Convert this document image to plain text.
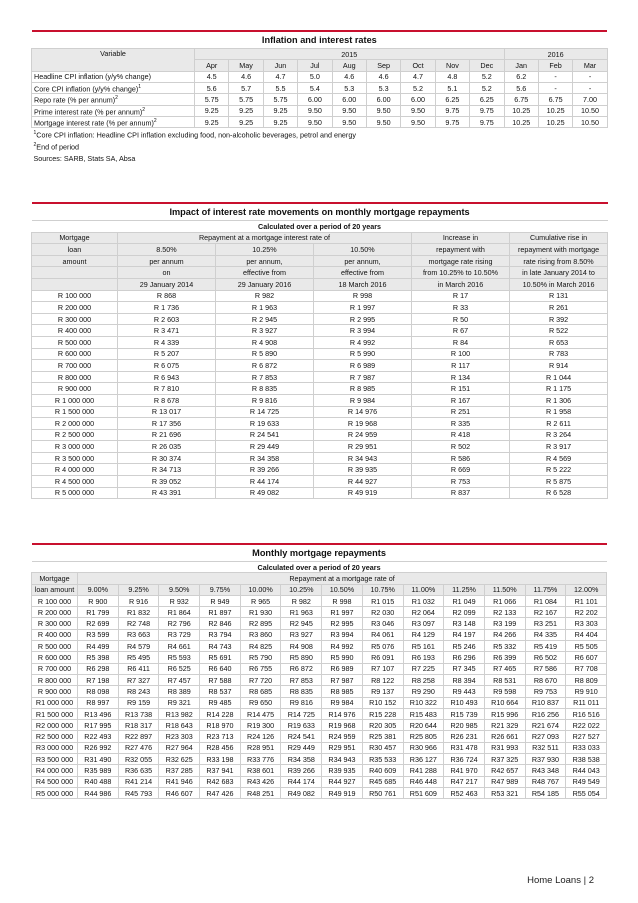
Inflation and interest rates												
Variable	2015									2016		
	Apr	May	Jun	Jul	Aug	Sep	Oct	Nov	Dec	Jan	Feb	Mar
Headline CPI inflation (y/y% change)	4.5	4.6	4.7	5.0	4.6	4.6	4.7	4.8	5.2	6.2	-	-
Core CPI inflation (y/y% change)$^1$	5.6	5.7	5.5	5.4	5.3	5.3	5.2	5.1	5.2	5.6	-	-
Repo rate (% per annum)$^2$	5.75	5.75	5.75	6.00	6.00	6.00	6.00	6.25	6.25	6.75	6.75	7.00
Prime interest rate (% per annum)$^2$	9.25	9.25	9.25	9.50	9.50	9.50	9.50	9.75	9.75	10.25	10.25	10.50
Mortgage interest rate (% per annum)$^2$	9.25	9.25	9.25	9.50	9.50	9.50	9.50	9.75	9.75	10.25	10.25	10.50
$^1$Core CPI inflation: Headline CPI inflation excluding food, non-alcoholic beverages, petrol and energy												
$^2$End of period												
Sources: SARB, Stats SA, Absa												
Impact of interest rate movements on monthly mortgage repayments					
Calculated over a period of 20 years					
Mortgage	Repayment at a mortgage interest rate of			Increase in	Cumulative rise in
loan	8.50%	10.25%	10.50%	repayment with	repayment with mortgage
amount	per annum	per annum,	per annum,	mortgage rate rising	rate rising from 8.50%
	on	effective from	effective from	from 10.25% to 10.50%	in late January 2014 to
	29 January 2014	29 January 2016	18 March 2016	in March 2016	10.50% in March 2016
R 100 000	R 868	R 982	R 998	R 17	R 131
R 200 000	R 1 736	R 1 963	R 1 997	R 33	R 261
R 300 000	R 2 603	R 2 945	R 2 995	R 50	R 392
R 400 000	R 3 471	R 3 927	R 3 994	R 67	R 522
R 500 000	R 4 339	R 4 908	R 4 992	R 84	R 653
R 600 000	R 5 207	R 5 890	R 5 990	R 100	R 783
R 700 000	R 6 075	R 6 872	R 6 989	R 117	R 914
R 800 000	R 6 943	R 7 853	R 7 987	R 134	R 1 044
R 900 000	R 7 810	R 8 835	R 8 985	R 151	R 1 175
R 1 000 000	R 8 678	R 9 816	R 9 984	R 167	R 1 306
R 1 500 000	R 13 017	R 14 725	R 14 976	R 251	R 1 958
R 2 000 000	R 17 356	R 19 633	R 19 968	R 335	R 2 611
R 2 500 000	R 21 696	R 24 541	R 24 959	R 418	R 3 264
R 3 000 000	R 26 035	R 29 449	R 29 951	R 502	R 3 917
R 3 500 000	R 30 374	R 34 358	R 34 943	R 586	R 4 569
R 4 000 000	R 34 713	R 39 266	R 39 935	R 669	R 5 222
R 4 500 000	R 39 052	R 44 174	R 44 927	R 753	R 5 875
R 5 000 000	R 43 391	R 49 082	R 49 919	R 837	R 6 528
Monthly mortgage repayments													
Calculated over a period of 20 years													
Mortgage	Repayment at a mortgage rate of												
loan amount	9.00%	9.25%	9.50%	9.75%	10.00%	10.25%	10.50%	10.75%	11.00%	11.25%	11.50%	11.75%	12.00%
R 100 000	R 900	R 916	R 932	R 949	R 965	R 982	R 998	R1 015	R1 032	R1 049	R1 066	R1 084	R1 101
R 200 000	R1 799	R1 832	R1 864	R1 897	R1 930	R1 963	R1 997	R2 030	R2 064	R2 099	R2 133	R2 167	R2 202
R 300 000	R2 699	R2 748	R2 796	R2 846	R2 895	R2 945	R2 995	R3 046	R3 097	R3 148	R3 199	R3 251	R3 303
R 400 000	R3 599	R3 663	R3 729	R3 794	R3 860	R3 927	R3 994	R4 061	R4 129	R4 197	R4 266	R4 335	R4 404
R 500 000	R4 499	R4 579	R4 661	R4 743	R4 825	R4 908	R4 992	R5 076	R5 161	R5 246	R5 332	R5 419	R5 505
R 600 000	R5 398	R5 495	R5 593	R5 691	R5 790	R5 890	R5 990	R6 091	R6 193	R6 296	R6 399	R6 502	R6 607
R 700 000	R6 298	R6 411	R6 525	R6 640	R6 755	R6 872	R6 989	R7 107	R7 225	R7 345	R7 465	R7 586	R7 708
R 800 000	R7 198	R7 327	R7 457	R7 588	R7 720	R7 853	R7 987	R8 122	R8 258	R8 394	R8 531	R8 670	R8 809
R 900 000	R8 098	R8 243	R8 389	R8 537	R8 685	R8 835	R8 985	R9 137	R9 290	R9 443	R9 598	R9 753	R9 910
R1 000 000	R8 997	R9 159	R9 321	R9 485	R9 650	R9 816	R9 984	R10 152	R10 322	R10 493	R10 664	R10 837	R11 011
R1 500 000	R13 496	R13 738	R13 982	R14 228	R14 475	R14 725	R14 976	R15 228	R15 483	R15 739	R15 996	R16 256	R16 516
R2 000 000	R17 995	R18 317	R18 643	R18 970	R19 300	R19 633	R19 968	R20 305	R20 644	R20 985	R21 329	R21 674	R22 022
R2 500 000	R22 493	R22 897	R23 303	R23 713	R24 126	R24 541	R24 959	R25 381	R25 805	R26 231	R26 661	R27 093	R27 527
R3 000 000	R26 992	R27 476	R27 964	R28 456	R28 951	R29 449	R29 951	R30 457	R30 966	R31 478	R31 993	R32 511	R33 033
R3 500 000	R31 490	R32 055	R32 625	R33 198	R33 776	R34 358	R34 943	R35 533	R36 127	R36 724	R37 325	R37 930	R38 538
R4 000 000	R35 989	R36 635	R37 285	R37 941	R38 601	R39 266	R39 935	R40 609	R41 288	R41 970	R42 657	R43 348	R44 043
R4 500 000	R40 488	R41 214	R41 946	R42 683	R43 426	R44 174	R44 927	R45 685	R46 448	R47 217	R47 989	R48 767	R49 549
R5 000 000	R44 986	R45 793	R46 607	R47 426	R48 251	R49 082	R49 919	R50 761	R51 609	R52 463	R53 321	R54 185	R55 054
Home Loans | 2
